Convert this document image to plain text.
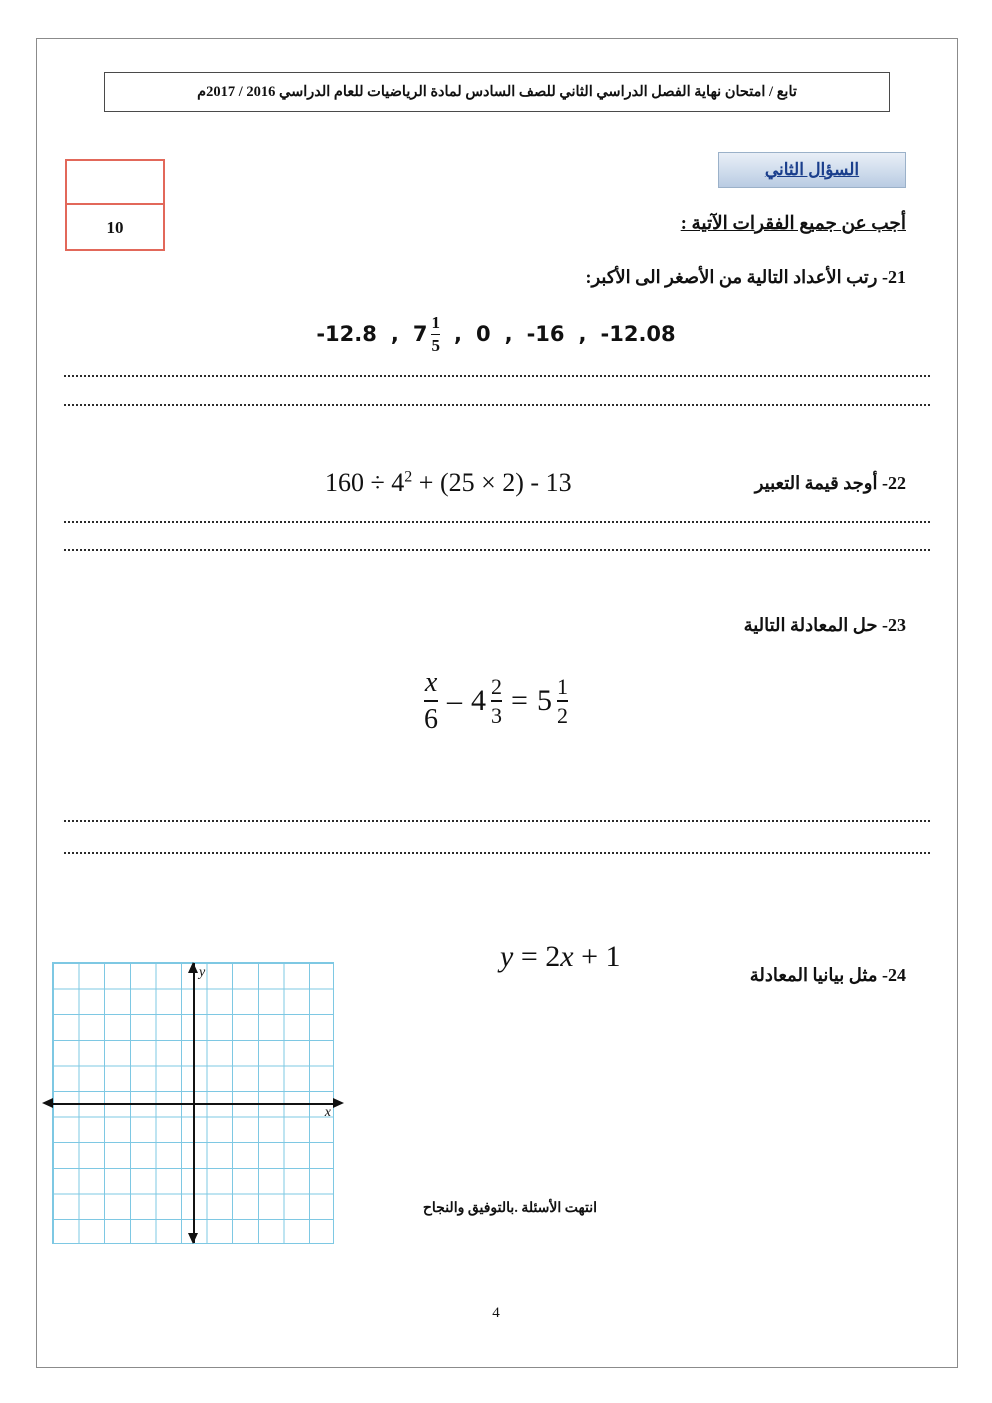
تابع / امتحان نهاية الفصل الدراسي الثاني للصف السادس لمادة الرياضيات للعام الدراسي 2016 / 2017م
السؤال الثاني
10	أجب عن جميع الفقرات الآتية :
21- رتب الأعداد التالية من الأصغر الى الأكبر:
-12.08
,
-16
,
0
,
$7 \frac{1}{5}$
,
-12.8
22- أوجد قيمة التعبير
$160 \div 4^2 + (25 \times 2) - 13$
23- حل المعادلة التالية
$\frac{x}{6} - 4 \frac{2}{3} = 5 \frac{1}{2}$
24- مثل بيانيا المعادلة
y = 2x + 1
y
x
انتهت الأسئلة .بالتوفيق والنجاح
4
